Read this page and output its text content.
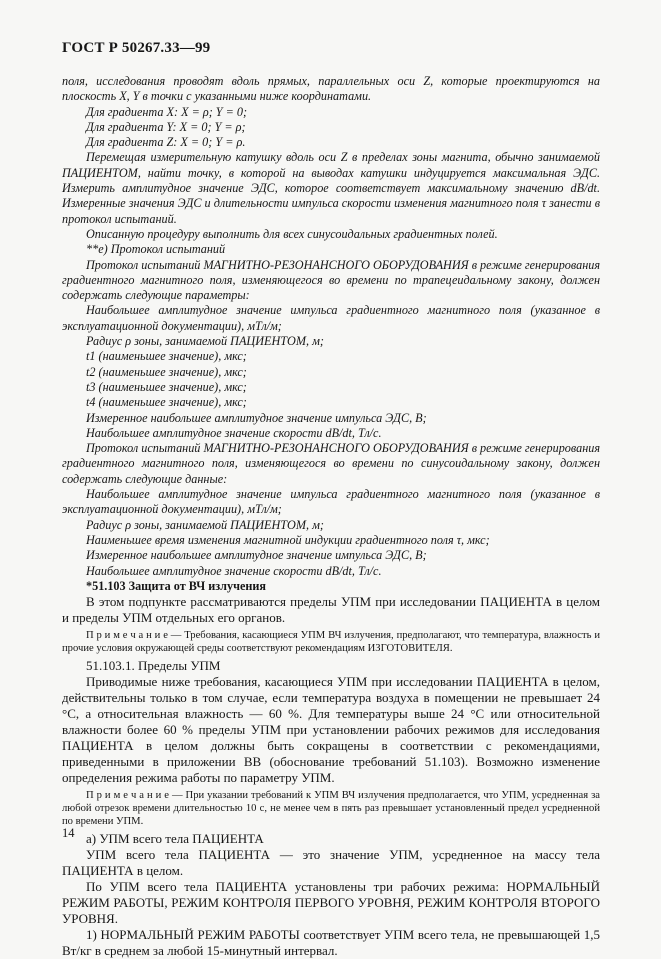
ГОСТ Р 50267.33—99

поля, исследования проводят вдоль прямых, параллельных оси Z, которые проектируются на плоскость X, Y в точки с указанными ниже координатами.

Для градиента X: X = ρ; Y = 0;

Для градиента Y: X = 0; Y = ρ;

Для градиента Z: X = 0; Y = ρ.

Перемещая измерительную катушку вдоль оси Z в пределах зоны магнита, обычно занимаемой ПАЦИЕНТОМ, найти точку, в которой на выводах катушки индуцируется максимальная ЭДС. Измерить амплитудное значение ЭДС, которое соответствует максимальному значению dB/dt. Измеренные значения ЭДС и длительности импульса скорости изменения магнитного поля τ занести в протокол испытаний.

Описанную процедуру выполнить для всех синусоидальных градиентных полей.

**е) Протокол испытаний

Протокол испытаний МАГНИТНО-РЕЗОНАНСНОГО ОБОРУДОВАНИЯ в режиме генерирования градиентного магнитного поля, изменяющегося во времени по трапецеидальному закону, должен содержать следующие параметры:

Наибольшее амплитудное значение импульса градиентного магнитного поля (указанное в эксплуатационной документации), мТл/м;

Радиус ρ зоны, занимаемой ПАЦИЕНТОМ, м;

t1 (наименьшее значение), мкс;

t2 (наименьшее значение), мкс;

t3 (наименьшее значение), мкс;

t4 (наименьшее значение), мкс;

Измеренное наибольшее амплитудное значение импульса ЭДС, В;

Наибольшее амплитудное значение скорости dB/dt, Тл/с.

Протокол испытаний МАГНИТНО-РЕЗОНАНСНОГО ОБОРУДОВАНИЯ в режиме генерирования градиентного магнитного поля, изменяющегося во времени по синусоидальному закону, должен содержать следующие данные:

Наибольшее амплитудное значение импульса градиентного магнитного поля (указанное в эксплуатационной документации), мТл/м;

Радиус ρ зоны, занимаемой ПАЦИЕНТОМ, м;

Наименьшее время изменения магнитной индукции градиентного поля τ, мкс;

Измеренное наибольшее амплитудное значение импульса ЭДС, В;

Наибольшее амплитудное значение скорости dB/dt, Тл/с.

*51.103 Защита от ВЧ излучения

В этом подпункте рассматриваются пределы УПМ при исследовании ПАЦИЕНТА в целом и пределы УПМ отдельных его органов.

П р и м е ч а н и е — Требования, касающиеся УПМ ВЧ излучения, предполагают, что температура, влажность и прочие условия окружающей среды соответствуют рекомендациям ИЗГОТОВИТЕЛЯ.

51.103.1. Пределы УПМ

Приводимые ниже требования, касающиеся УПМ при исследовании ПАЦИЕНТА в целом, действительны только в том случае, если температура воздуха в помещении не превышает 24 °С, а относительная влажность — 60 %. Для температуры выше 24 °С или относительной влажности более 60 % пределы УПМ при установлении рабочих режимов для исследования ПАЦИЕНТА в целом должны быть сокращены в соответствии с рекомендациями, приведенными в приложении ВВ (обоснование требований 51.103). Возможно изменение определения режима работы по параметру УПМ.

П р и м е ч а н и е — При указании требований к УПМ ВЧ излучения предполагается, что УПМ, усредненная за любой отрезок времени длительностью 10 с, не менее чем в пять раз превышает установленный предел усредненной по времени УПМ.

а) УПМ всего тела ПАЦИЕНТА

УПМ всего тела ПАЦИЕНТА — это значение УПМ, усредненное на массу тела ПАЦИЕНТА в целом.

По УПМ всего тела ПАЦИЕНТА установлены три рабочих режима: НОРМАЛЬНЫЙ РЕЖИМ РАБОТЫ, РЕЖИМ КОНТРОЛЯ ПЕРВОГО УРОВНЯ, РЕЖИМ КОНТРОЛЯ ВТОРОГО УРОВНЯ.

1) НОРМАЛЬНЫЙ РЕЖИМ РАБОТЫ соответствует УПМ всего тела, не превышающей 1,5 Вт/кг в среднем за любой 15-минутный интервал.

14
